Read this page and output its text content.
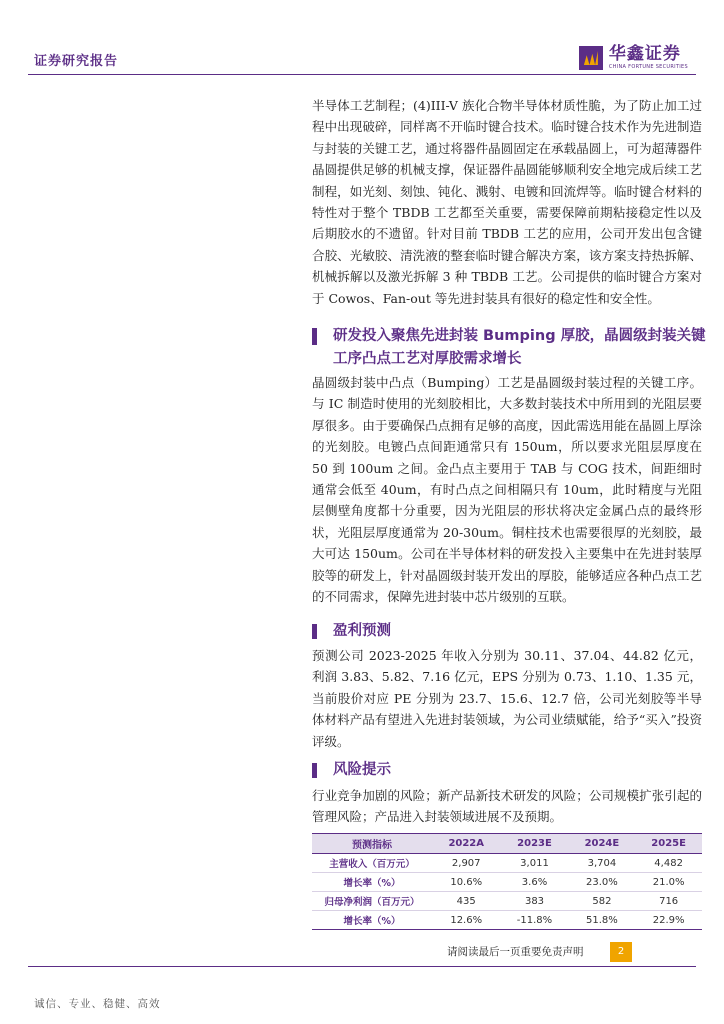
证券研究报告	华鑫证券
CHINA FORTUNE SECURITIES

半导体工艺制程；(4)III-V 族化合物半导体材质性脆，为了防止加工过程中出现破碎，同样离不开临时键合技术。临时键合技术作为先进制造与封装的关键工艺，通过将器件晶圆固定在承载晶圆上，可为超薄器件晶圆提供足够的机械支撑，保证器件晶圆能够顺利安全地完成后续工艺制程，如光刻、刻蚀、钝化、溅射、电镀和回流焊等。临时键合材料的特性对于整个 TBDB 工艺都至关重要，需要保障前期粘接稳定性以及后期胶水的不遗留。针对目前 TBDB 工艺的应用，公司开发出包含键合胶、光敏胶、清洗液的整套临时键合解决方案，该方案支持热拆解、机械拆解以及激光拆解 3 种 TBDB 工艺。公司提供的临时键合方案对于 Cowos、Fan-out 等先进封装具有很好的稳定性和安全性。

研发投入聚焦先进封装 Bumping 厚胶，晶圆级封装关键工序凸点工艺对厚胶需求增长

晶圆级封装中凸点（Bumping）工艺是晶圆级封装过程的关键工序。与 IC 制造时使用的光刻胶相比，大多数封装技术中所用到的光阻层要厚很多。由于要确保凸点拥有足够的高度，因此需选用能在晶圆上厚涂的光刻胶。电镀凸点间距通常只有 150um，所以要求光阻层厚度在 50 到 100um 之间。金凸点主要用于 TAB 与 COG 技术，间距细时通常会低至 40um，有时凸点之间相隔只有 10um，此时精度与光阻层侧壁角度都十分重要，因为光阻层的形状将决定金属凸点的最终形状，光阻层厚度通常为 20-30um。铜柱技术也需要很厚的光刻胶，最大可达 150um。公司在半导体材料的研发投入主要集中在先进封装厚胶等的研发上，针对晶圆级封装开发出的厚胶，能够适应各种凸点工艺的不同需求，保障先进封装中芯片级别的互联。

盈利预测

预测公司 2023-2025 年收入分别为 30.11、37.04、44.82 亿元，利润 3.83、5.82、7.16 亿元，EPS 分别为 0.73、1.10、1.35 元，当前股价对应 PE 分别为 23.7、15.6、12.7 倍，公司光刻胶等半导体材料产品有望进入先进封装领域，为公司业绩赋能，给予“买入”投资评级。

风险提示

行业竞争加剧的风险；新产品新技术研发的风险；公司规模扩张引起的管理风险；产品进入封装领域进展不及预期。

预测指标	2022A	2023E	2024E	2025E
主营收入（百万元）	2,907	3,011	3,704	4,482
增长率（%）	10.6%	3.6%	23.0%	21.0%
归母净利润（百万元）	435	383	582	716
增长率（%）	12.6%	-11.8%	51.8%	22.9%
请阅读最后一页重要免责声明	2
诚信、专业、稳健、高效
